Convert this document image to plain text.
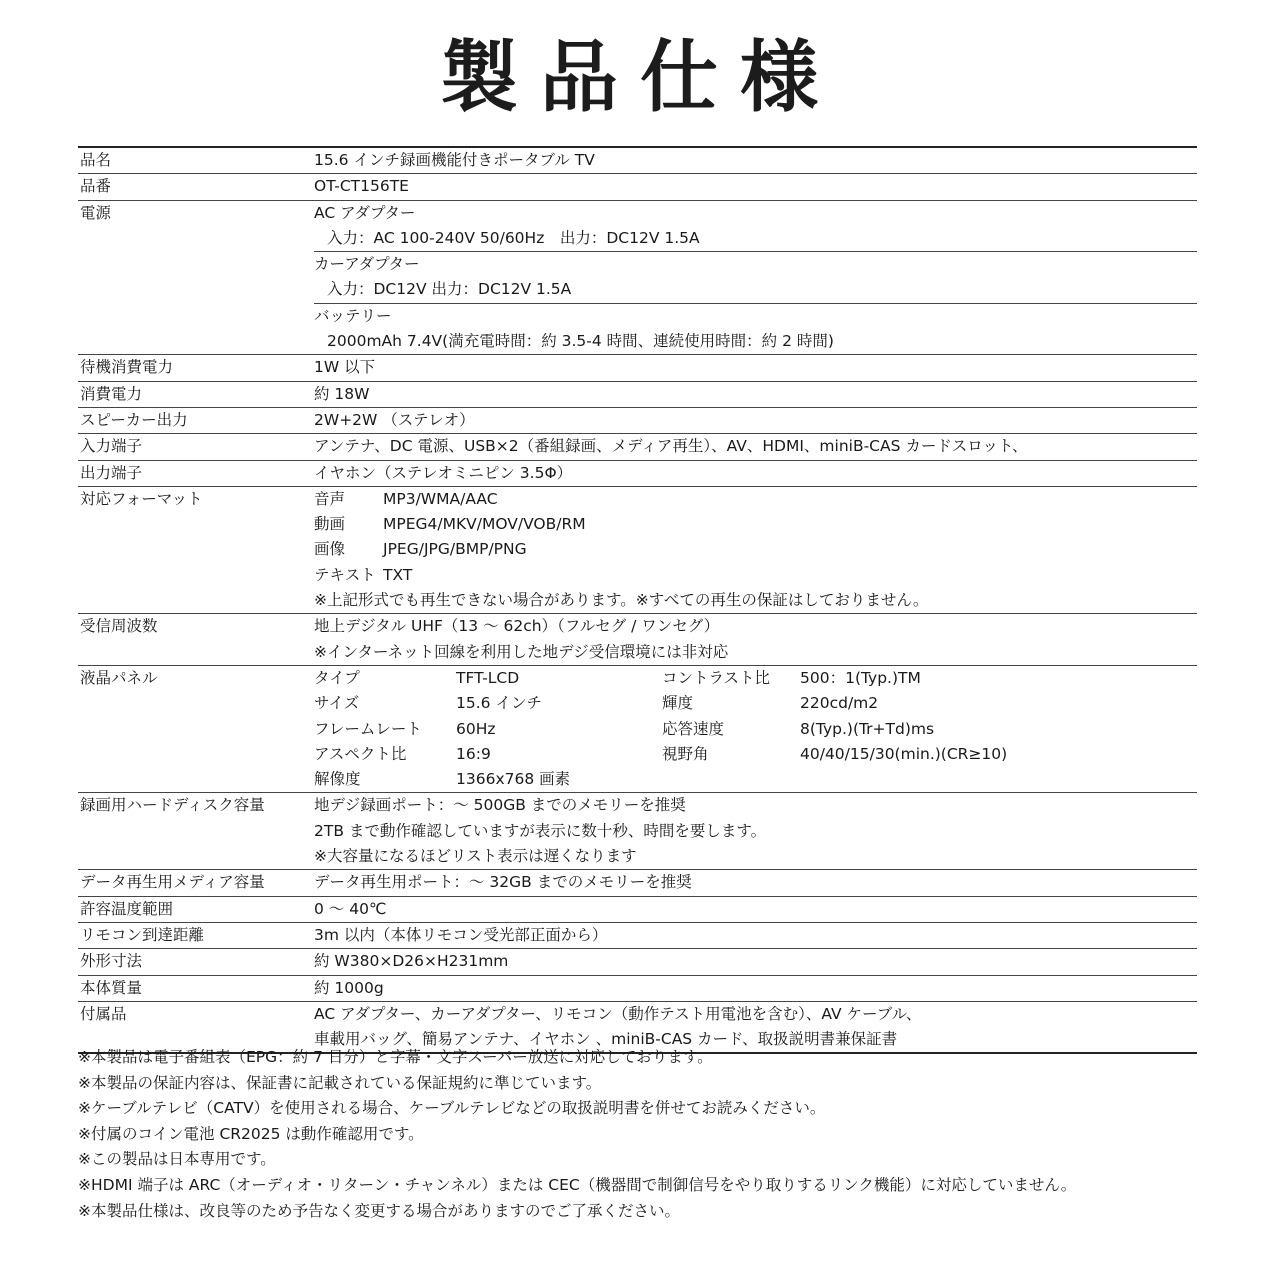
製品仕様
品名	15.6 インチ録画機能付きポータブル TV
品番	OT-CT156TE
電源	AC アダプター
入力：AC 100-240V 50/60Hz　出力：DC12V 1.5A
カーアダプター
入力：DC12V 出力：DC12V 1.5A
バッテリー
2000mAh 7.4V(満充電時間：約 3.5-4 時間、連続使用時間：約 2 時間)
待機消費電力	1W 以下
消費電力	約 18W
スピーカー出力	2W+2W （ステレオ）
入力端子	アンテナ、DC 電源、USB×2（番組録画、メディア再生）、AV、HDMI、miniB-CAS カードスロット、
出力端子	イヤホン（ステレオミニピン 3.5Φ）
対応フォーマット	音声	MP3/WMA/AAC
動画	MPEG4/MKV/MOV/VOB/RM
画像	JPEG/JPG/BMP/PNG
テキスト TXT
※上記形式でも再生できない場合があります。※すべての再生の保証はしておりません。
受信周波数	地上デジタル UHF（13 ～ 62ch）（フルセグ / ワンセグ）
※インターネット回線を利用した地デジ受信環境には非対応
液晶パネル	タイプ	TFT-LCD	コントラスト比	500：1(Typ.)TM
サイズ	15.6 インチ	輝度	220cd/m2
フレームレート	60Hz	応答速度	8(Typ.)(Tr+Td)ms
アスペクト比	16:9	視野角	40/40/15/30(min.)(CR≥10)
解像度	1366x768 画素
録画用ハードディスク容量	地デジ録画ポート：～ 500GB までのメモリーを推奨
2TB まで動作確認していますが表示に数十秒、時間を要します。
※大容量になるほどリスト表示は遅くなります
データ再生用メディア容量	データ再生用ポート：～ 32GB までのメモリーを推奨
許容温度範囲	0 ～ 40℃
リモコン到達距離	3m 以内（本体リモコン受光部正面から）
外形寸法	約 W380×D26×H231mm
本体質量	約 1000g
付属品	AC アダプター、カーアダプター、リモコン（動作テスト用電池を含む）、AV ケーブル、
車載用バッグ、簡易アンテナ、イヤホン 、miniB-CAS カード、取扱説明書兼保証書
※本製品は電子番組表（EPG：約 7 日分）と字幕・文字スーパー放送に対応しております。
※本製品の保証内容は、保証書に記載されている保証規約に準じています。
※ケーブルテレビ（CATV）を使用される場合、ケーブルテレビなどの取扱説明書を併せてお読みください。
※付属のコイン電池 CR2025 は動作確認用です。
※この製品は日本専用です。
※HDMI 端子は ARC（オーディオ・リターン・チャンネル）または CEC（機器間で制御信号をやり取りするリンク機能）に対応していません。
※本製品仕様は、改良等のため予告なく変更する場合がありますのでご了承ください。
